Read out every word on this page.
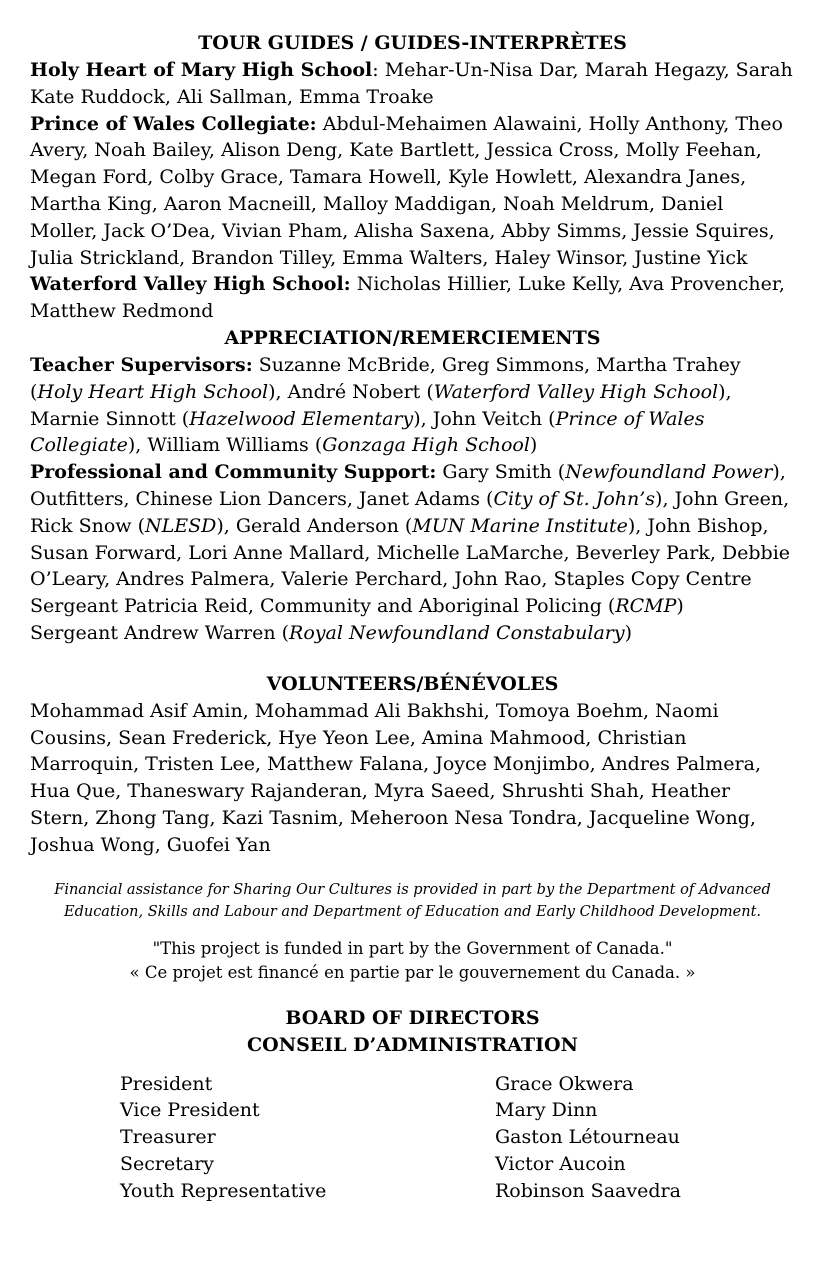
TOUR GUIDES / GUIDES-INTERPRÈTES

Holy Heart of Mary High School: Mehar-Un-Nisa Dar, Marah Hegazy, Sarah Kate Ruddock, Ali Sallman, Emma Troake

Prince of Wales Collegiate: Abdul-Mehaimen Alawaini, Holly Anthony, Theo Avery, Noah Bailey, Alison Deng, Kate Bartlett, Jessica Cross, Molly Feehan, Megan Ford, Colby Grace, Tamara Howell, Kyle Howlett, Alexandra Janes, Martha King, Aaron Macneill, Malloy Maddigan, Noah Meldrum, Daniel Moller, Jack O’Dea, Vivian Pham, Alisha Saxena, Abby Simms, Jessie Squires, Julia Strickland, Brandon Tilley, Emma Walters, Haley Winsor, Justine Yick

Waterford Valley High School: Nicholas Hillier, Luke Kelly, Ava Provencher, Matthew Redmond

APPRECIATION/REMERCIEMENTS

Teacher Supervisors: Suzanne McBride, Greg Simmons, Martha Trahey (Holy Heart High School), André Nobert (Waterford Valley High School), Marnie Sinnott (Hazelwood Elementary), John Veitch (Prince of Wales Collegiate), William Williams (Gonzaga High School)

Professional and Community Support: Gary Smith (Newfoundland Power), Outfitters, Chinese Lion Dancers, Janet Adams (City of St. John’s), John Green, Rick Snow (NLESD), Gerald Anderson (MUN Marine Institute), John Bishop, Susan Forward, Lori Anne Mallard, Michelle LaMarche, Beverley Park, Debbie O’Leary, Andres Palmera, Valerie Perchard, John Rao, Staples Copy Centre

Sergeant Patricia Reid, Community and Aboriginal Policing (RCMP)

Sergeant Andrew Warren (Royal Newfoundland Constabulary)

VOLUNTEERS/BÉNÉVOLES

Mohammad Asif Amin, Mohammad Ali Bakhshi, Tomoya Boehm, Naomi Cousins, Sean Frederick, Hye Yeon Lee, Amina Mahmood, Christian Marroquin, Tristen Lee, Matthew Falana, Joyce Monjimbo, Andres Palmera, Hua Que, Thaneswary Rajanderan, Myra Saeed, Shrushti Shah, Heather Stern, Zhong Tang, Kazi Tasnim, Meheroon Nesa Tondra, Jacqueline Wong, Joshua Wong, Guofei Yan

Financial assistance for Sharing Our Cultures is provided in part by the Department of Advanced Education, Skills and Labour and Department of Education and Early Childhood Development.
"This project is funded in part by the Government of Canada."
« Ce projet est financé en partie par le gouvernement du Canada. »
BOARD OF DIRECTORS
CONSEIL D’ADMINISTRATION
President	Grace Okwera
Vice President	Mary Dinn
Treasurer	Gaston Létourneau
Secretary	Victor Aucoin
Youth Representative	Robinson Saavedra
